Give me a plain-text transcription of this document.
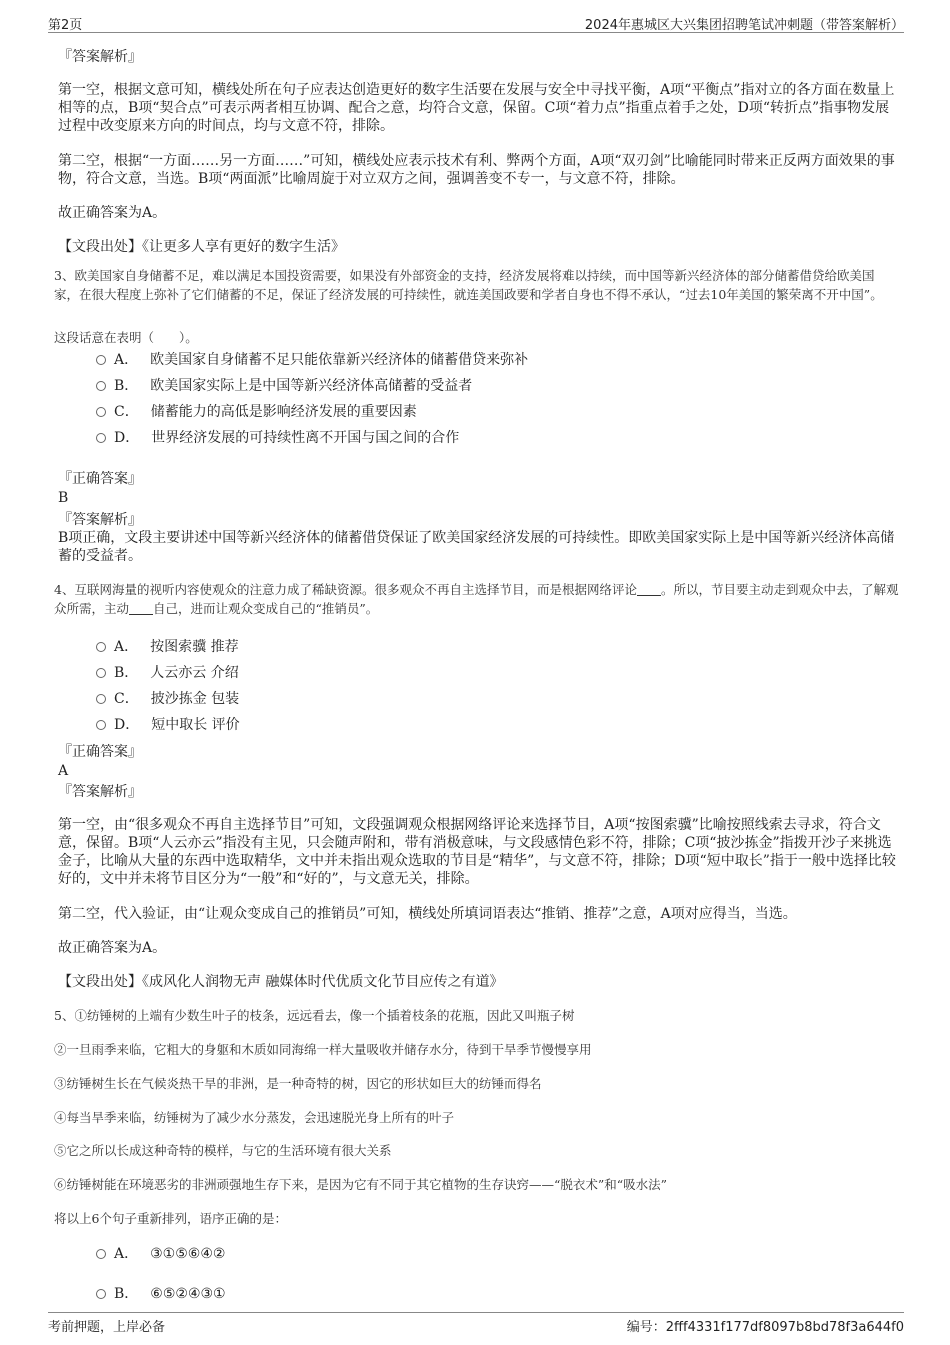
第2页	2024年惠城区大兴集团招聘笔试冲刺题（带答案解析）
『答案解析』
第一空，根据文意可知，横线处所在句子应表达创造更好的数字生活要在发展与安全中寻找平衡，A项“平衡点”指对立的各方面在数量上相等的点，B项“契合点”可表示两者相互协调、配合之意，均符合文意，保留。C项“着力点”指重点着手之处，D项“转折点”指事物发展过程中改变原来方向的时间点，均与文意不符，排除。
第二空，根据“一方面……另一方面……”可知，横线处应表示技术有利、弊两个方面，A项“双刃剑”比喻能同时带来正反两方面效果的事物，符合文意，当选。B项“两面派”比喻周旋于对立双方之间，强调善变不专一，与文意不符，排除。
故正确答案为A。
【文段出处】《让更多人享有更好的数字生活》
3、欧美国家自身储蓄不足，难以满足本国投资需要，如果没有外部资金的支持，经济发展将难以持续，而中国等新兴经济体的部分储蓄借贷给欧美国家，在很大程度上弥补了它们储蓄的不足，保证了经济发展的可持续性，就连美国政要和学者自身也不得不承认，“过去10年美国的繁荣离不开中国”。
这段话意在表明（　　）。
A． 欧美国家自身储蓄不足只能依靠新兴经济体的储蓄借贷来弥补
B． 欧美国家实际上是中国等新兴经济体高储蓄的受益者
C． 储蓄能力的高低是影响经济发展的重要因素
D． 世界经济发展的可持续性离不开国与国之间的合作
『正确答案』
B
『答案解析』
B项正确，文段主要讲述中国等新兴经济体的储蓄借贷保证了欧美国家经济发展的可持续性。即欧美国家实际上是中国等新兴经济体高储蓄的受益者。
4、互联网海量的视听内容使观众的注意力成了稀缺资源。很多观众不再自主选择节目，而是根据网络评论 。所以，节目要主动走到观众中去，了解观众所需，主动 自己，进而让观众变成自己的“推销员”。
A． 按图索骥 推荐
B． 人云亦云 介绍
C． 披沙拣金 包装
D． 短中取长 评价
『正确答案』
A
『答案解析』
第一空，由“很多观众不再自主选择节目”可知，文段强调观众根据网络评论来选择节目，A项“按图索骥”比喻按照线索去寻求，符合文意，保留。B项“人云亦云”指没有主见，只会随声附和，带有消极意味，与文段感情色彩不符，排除；C项“披沙拣金”指拨开沙子来挑选金子，比喻从大量的东西中选取精华，文中并未指出观众选取的节目是“精华”，与文意不符，排除；D项“短中取长”指于一般中选择比较好的，文中并未将节目区分为“一般”和“好的”，与文意无关，排除。
第二空，代入验证，由“让观众变成自己的推销员”可知，横线处所填词语表达“推销、推荐”之意，A项对应得当，当选。
故正确答案为A。
【文段出处】《成风化人润物无声 融媒体时代优质文化节目应传之有道》
5、①纺锤树的上端有少数生叶子的枝条，远远看去，像一个插着枝条的花瓶，因此又叫瓶子树
②一旦雨季来临，它粗大的身躯和木质如同海绵一样大量吸收并储存水分，待到干旱季节慢慢享用
③纺锤树生长在气候炎热干旱的非洲，是一种奇特的树，因它的形状如巨大的纺锤而得名
④每当旱季来临，纺锤树为了减少水分蒸发，会迅速脱光身上所有的叶子
⑤它之所以长成这种奇特的模样，与它的生活环境有很大关系
⑥纺锤树能在环境恶劣的非洲顽强地生存下来，是因为它有不同于其它植物的生存诀窍——“脱衣术”和“吸水法”
将以上6个句子重新排列，语序正确的是：
A． ③①⑤⑥④②
B． ⑥⑤②④③①
考前押题，上岸必备	编号：2fff4331f177df8097b8bd78f3a644f0
